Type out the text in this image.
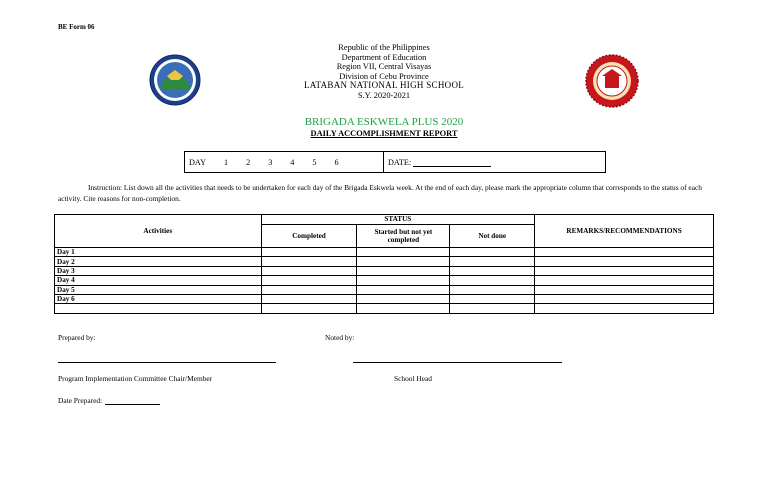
BE Form 06
Republic of the Philippines
Department of Education
Region VII, Central Visayas
Division of Cebu Province
LATABAN NATIONAL HIGH SCHOOL
S.Y. 2020-2021
BRIGADA ESKWELA PLUS 2020
DAILY ACCOMPLISHMENT REPORT
DAY 1 2 3 4 5 6	DATE:
Instruction: List down all the activities that needs to be undertaken for each day of the Brigada Eskwela week. At the end of each day, please mark the appropriate column that corresponds to the status of each activity. Cite reasons for non-completion.
Activities	STATUS			REMARKS/RECOMMENDATIONS
	Completed	Started but not yet completed	Not done	
Day 1				
Day 2				
Day 3				
Day 4				
Day 5				
Day 6				

Prepared by:	Noted by:
Program Implementation Committee Chair/Member	School Head
Date Prepared:
